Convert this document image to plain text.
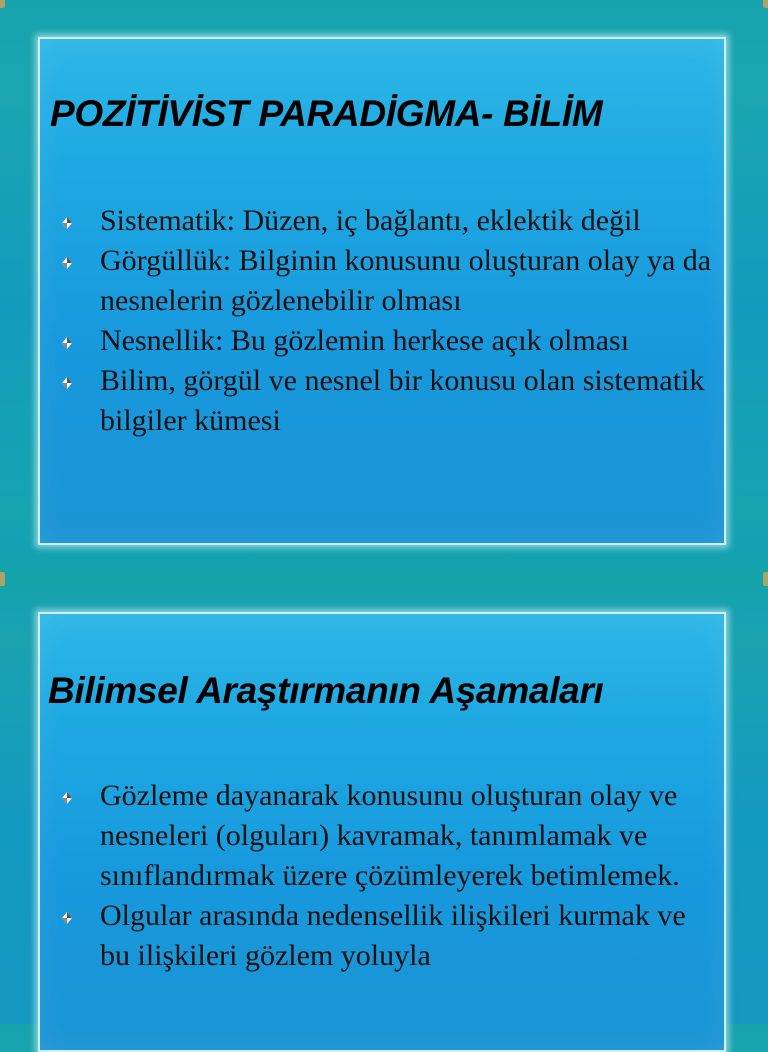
POZİTİVİST PARADİGMA- BİLİM
Sistematik: Düzen, iç bağlantı, eklektik değil
Görgüllük: Bilginin konusunu oluşturan olay ya da nesnelerin gözlenebilir olması
Nesnellik: Bu gözlemin herkese açık olması
Bilim, görgül ve nesnel bir konusu olan sistematik bilgiler kümesi
Bilimsel Araştırmanın Aşamaları
Gözleme dayanarak konusunu oluşturan olay ve nesneleri (olguları) kavramak, tanımlamak ve sınıflandırmak üzere çözümleyerek betimlemek.
Olgular arasında nedensellik ilişkileri kurmak ve bu ilişkileri gözlem yoluyla
